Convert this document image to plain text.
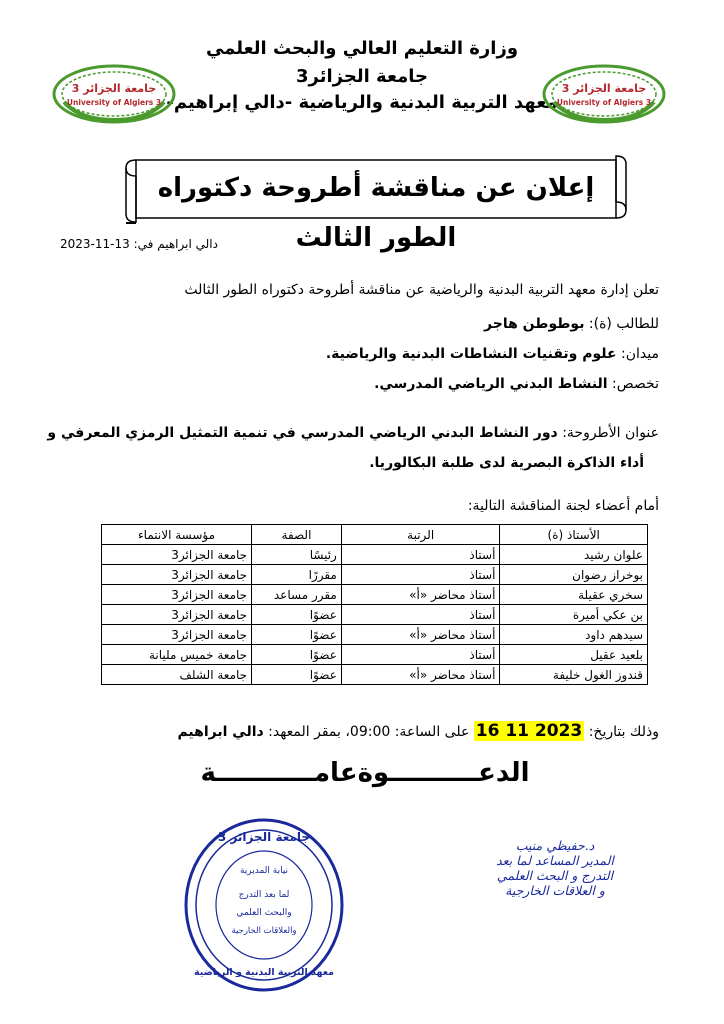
وزارة التعليم العالي والبحث العلمي
جامعة الجزائر3
معهد التربية البدنية والرياضية -دالي إبراهيم-
جامعة الجزائر 3
University of Algiers 3
جامعة الجزائر 3
University of Algiers 3
إعلان عن مناقشة أطروحة دكتوراه الطور الثالث
دالي ابراهيم في: 13-11-2023
تعلن إدارة معهد التربية البدنية والرياضية عن مناقشة أطروحة دكتوراه الطور الثالث
للطالب (ة): بوطوطن هاجر
ميدان: علوم وتقنيات النشاطات البدنية والرياضية.
تخصص: النشاط البدني الرياضي المدرسي.
عنوان الأطروحة: دور النشاط البدني الرياضي المدرسي في تنمية التمثيل الرمزي المعرفي و
أداء الذاكرة البصرية لدى طلبة البكالوريا.
أمام أعضاء لجنة المناقشة التالية:
الأستاذ (ة)	الرتبة	الصفة	مؤسسة الانتماء
علوان رشيد	أستاذ	رئيسًا	جامعة الجزائر3
بوخراز رضوان	أستاذ	مقررًا	جامعة الجزائر3
سخري عقيلة	أستاذ محاضر «أ»	مقرر مساعد	جامعة الجزائر3
بن عكي أميرة	أستاذ	عضوًا	جامعة الجزائر3
سيدهم داود	أستاذ محاضر «أ»	عضوًا	جامعة الجزائر3
بلعيد عقيل	أستاذ	عضوًا	جامعة خميس مليانة
قندوز الغول خليفة	أستاذ محاضر «أ»	عضوًا	جامعة الشلف
وذلك بتاريخ: 16 11 2023 على الساعة: 09:00، بمقر المعهد: دالي ابراهيم
الدعــــــــــوةعامـــــــــــة
جامعة الجزائر 3
نيابة المديرية
لما بعد التدرج
والبحث العلمي
والعلاقات الخارجية
معهد التربية البدنية و الرياضية
د.حفيظي منيب
المدير المساعد لما بعد
التدرج و البحث العلمي
و العلاقات الخارجية
